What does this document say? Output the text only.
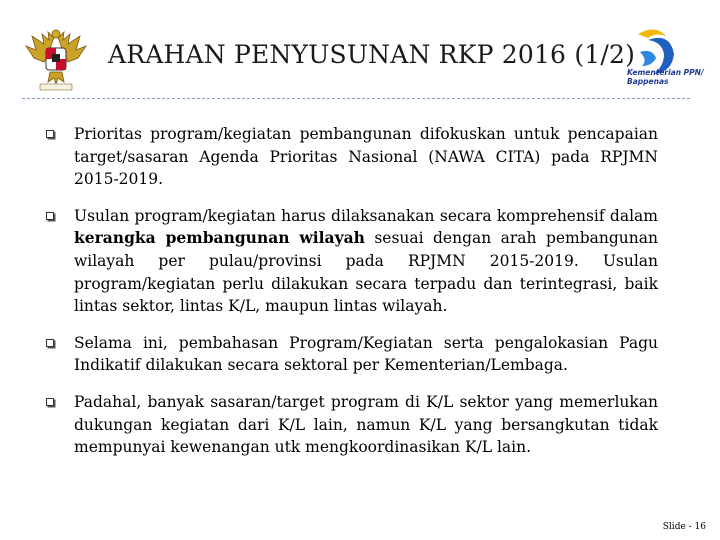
ARAHAN PENYUSUNAN RKP 2016 (1/2)
Kementerian PPN/
Bappenas
Prioritas program/kegiatan pembangunan difokuskan untuk pencapaian target/sasaran Agenda Prioritas Nasional (NAWA CITA) pada RPJMN 2015-2019.
Usulan program/kegiatan harus dilaksanakan secara komprehensif dalam kerangka pembangunan wilayah sesuai dengan arah pembangunan wilayah per pulau/provinsi pada RPJMN 2015-2019. Usulan program/kegiatan perlu dilakukan secara terpadu dan terintegrasi, baik lintas sektor, lintas K/L, maupun lintas wilayah.
Selama ini, pembahasan Program/Kegiatan serta pengalokasian Pagu Indikatif dilakukan secara sektoral per Kementerian/Lembaga.
Padahal, banyak sasaran/target program di K/L sektor yang memerlukan dukungan kegiatan dari K/L lain, namun K/L yang bersangkutan tidak mempunyai kewenangan utk mengkoordinasikan K/L lain.
Slide - 16
